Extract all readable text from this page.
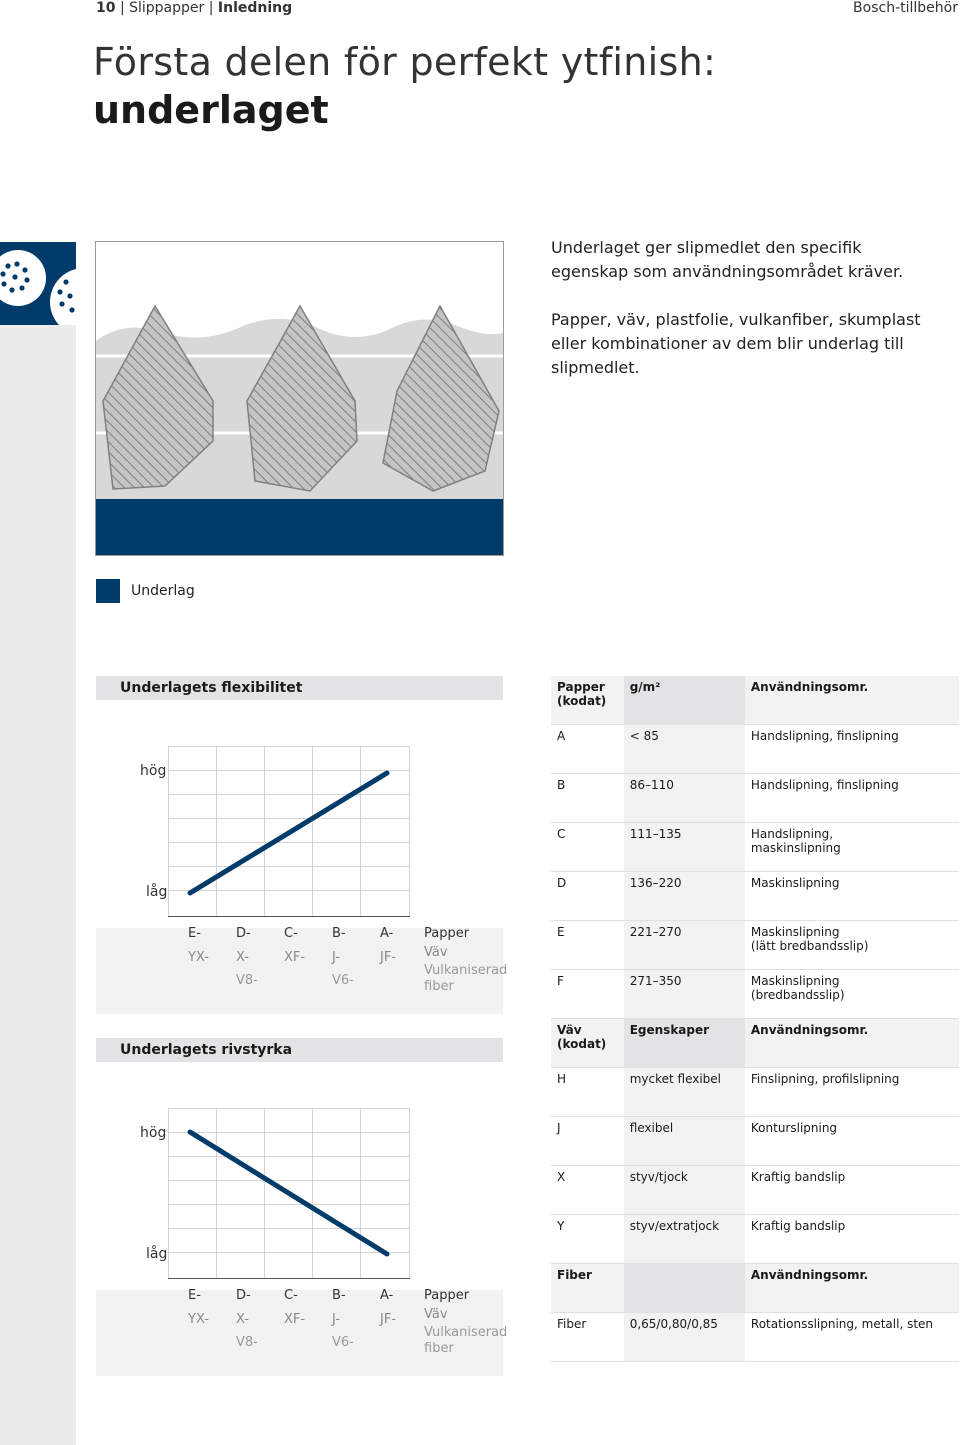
10 | Slippapper | Inledning	Bosch-tillbehör
Första delen för perfekt ytfinish:
underlaget
Underlaget ger slipmedlet den specifik egenskap som användningsområdet kräver.
Papper, väv, plastfolie, vulkanfiber, skumplast eller kombinationer av dem blir underlag till slipmedlet.
Underlag
Underlagets flexibilitet
hög
låg
E-	D-	C-	B-	A-
YX- X-	XF- J-	JF-
V8-	V6-
Papper
Väv
Vulkaniserad fiber
Underlagets rivstyrka
hög
låg
E-	D-	C-	B-	A-
YX- X-	XF- J-	JF-
V8-	V6-
Papper
Väv
Vulkaniserad fiber
Papper
(kodat)	g/m²	Användningsomr.
A	< 85	Handslipning, finslipning
B	86–110	Handslipning, finslipning
C	111–135	Handslipning,
maskinslipning
D	136–220	Maskinslipning
E	221–270	Maskinslipning
(lätt bredbandsslip)
F	271–350	Maskinslipning
(bredbandsslip)
Väv
(kodat)	Egenskaper	Användningsomr.
H	mycket flexibel	Finslipning, profilslipning
J	flexibel	Konturslipning
X	styv/tjock	Kraftig bandslip
Y	styv/extratjock	Kraftig bandslip
Fiber		Användningsomr.
Fiber	0,65/0,80/0,85	Rotationsslipning, metall, sten
